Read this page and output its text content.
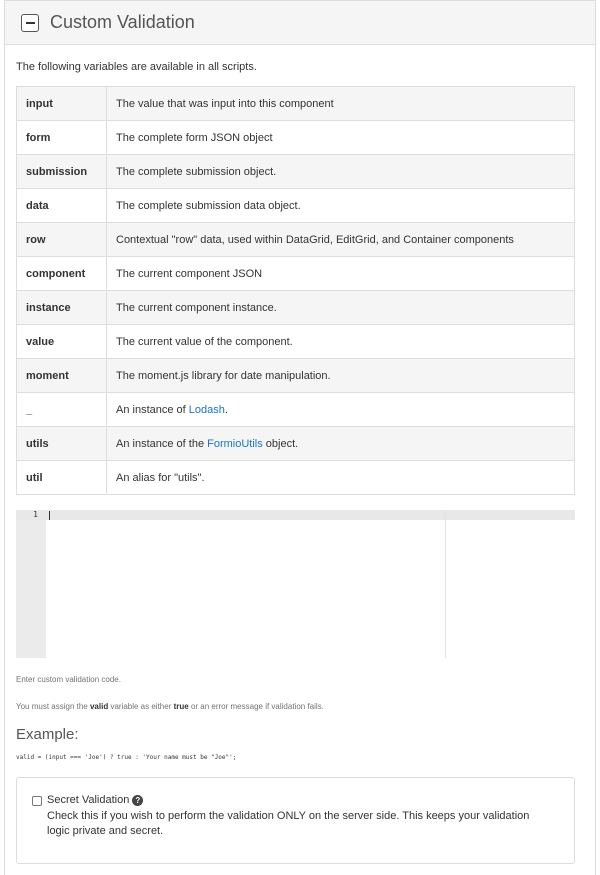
Custom Validation
The following variables are available in all scripts.
input	The value that was input into this component
form	The complete form JSON object
submission	The complete submission object.
data	The complete submission data object.
row	Contextual "row" data, used within DataGrid, EditGrid, and Container components
component	The current component JSON
instance	The current component instance.
value	The current value of the component.
moment	The moment.js library for date manipulation.
_	An instance of Lodash.
utils	An instance of the FormioUtils object.
util	An alias for "utils".
1
Enter custom validation code.
You must assign the valid variable as either true or an error message if validation fails.
Example:
valid = (input === 'Joe') ? true : 'Your name must be "Joe"';
Secret Validation ?
Check this if you wish to perform the validation ONLY on the server side. This keeps your validation logic private and secret.
